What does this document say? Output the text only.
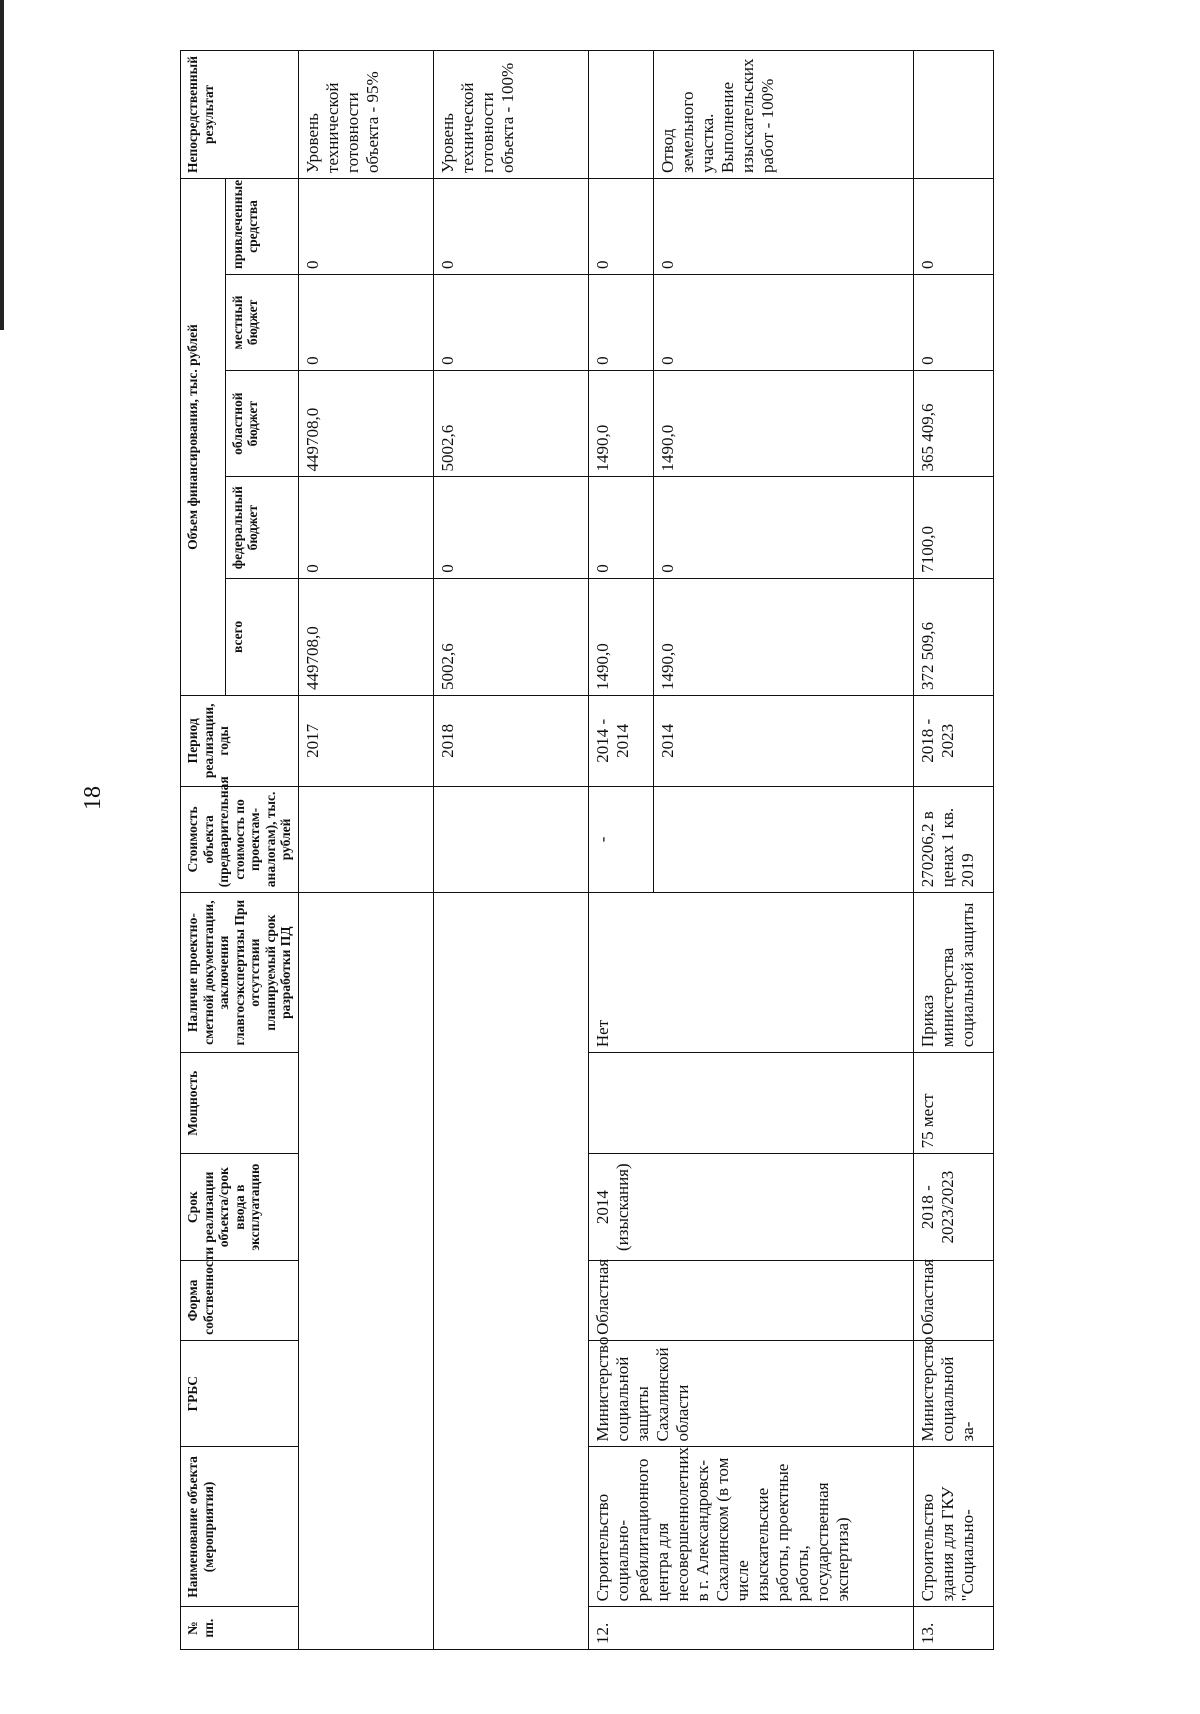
18
№ пп.	Наименование объекта (мероприятия)	ГРБС	Форма собственности	Срок реализации объекта/срок ввода в эксплуатацию	Мощность	Наличие проектно-сметной документации, заключения главгосэкспертизы При отсутствии планируемый срок разработки ПД	Стоимость объекта (предварительная стоимость по проектам-аналогам), тыс. рублей	Период реализации, годы	Объем финансирования, тыс. рублей					Непосредственный результат
									всего	федеральный бюджет	областной бюджет	местный бюджет	привлеченные средства	
								2017	449708,0	0	449708,0	0	0	Уровень технической готовности объекта - 95%
								2018	5002,6	0	5002,6	0	0	Уровень технической готовности объекта - 100%
12.	Строительство социально-реабилитационного центра для несовершеннолетних в г. Александровск-Сахалинском (в том числе изыскательские работы, проектные работы, государственная экспертиза)	Министерство социальной защиты Сахалинской области	Областная	2014 (изыскания)		Нет	-	2014 - 2014	1490,0	0	1490,0	0	0	
								2014	1490,0	0	1490,0	0	0	Отвод земельного участка. Выполнение изыскательских работ - 100%
13.	Строительство здания для ГКУ "Социально-	Министерство социальной за-	Областная	2018 - 2023/2023	75 мест	Приказ министерства социальной защиты	270206,2 в ценах 1 кв. 2019	2018 - 2023	372 509,6	7100,0	365 409,6	0	0	
